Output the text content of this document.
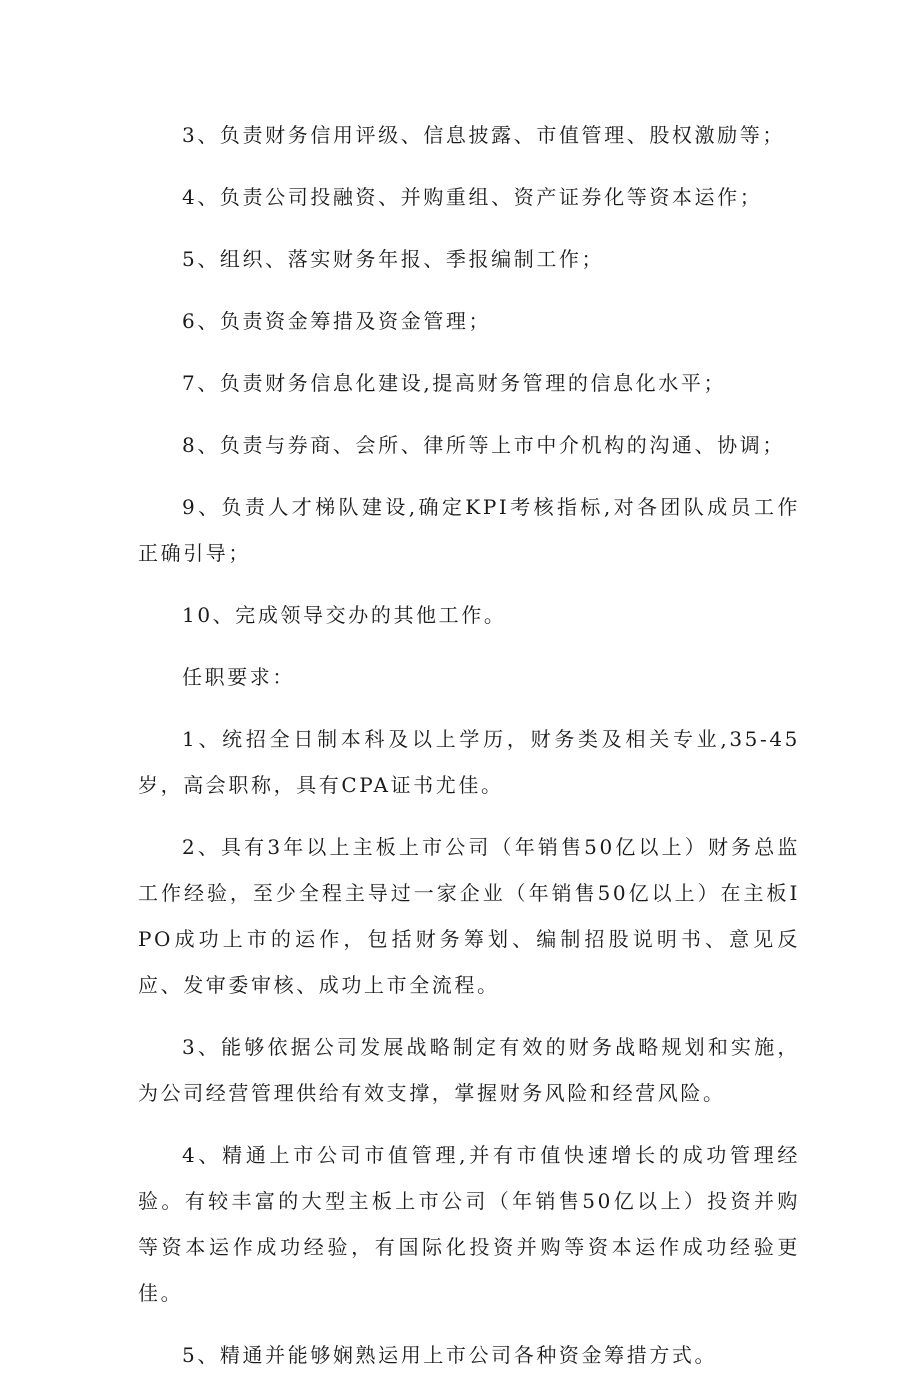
3、负责财务信用评级、信息披露、市值管理、股权激励等；

4、负责公司投融资、并购重组、资产证券化等资本运作；

5、组织、落实财务年报、季报编制工作；

6、负责资金筹措及资金管理；

7、负责财务信息化建设,提高财务管理的信息化水平；

8、负责与券商、会所、律所等上市中介机构的沟通、协调；

9、负责人才梯队建设,确定KPI考核指标,对各团队成员工作正确引导；

10、完成领导交办的其他工作。

任职要求：

1、统招全日制本科及以上学历，财务类及相关专业,35-45岁，高会职称，具有CPA证书尤佳。

2、具有3年以上主板上市公司（年销售50亿以上）财务总监工作经验，至少全程主导过一家企业（年销售50亿以上）在主板IPO成功上市的运作，包括财务筹划、编制招股说明书、意见反应、发审委审核、成功上市全流程。

3、能够依据公司发展战略制定有效的财务战略规划和实施，为公司经营管理供给有效支撑，掌握财务风险和经营风险。

4、精通上市公司市值管理,并有市值快速增长的成功管理经验。有较丰富的大型主板上市公司（年销售50亿以上）投资并购等资本运作成功经验，有国际化投资并购等资本运作成功经验更佳。

5、精通并能够娴熟运用上市公司各种资金筹措方式。
